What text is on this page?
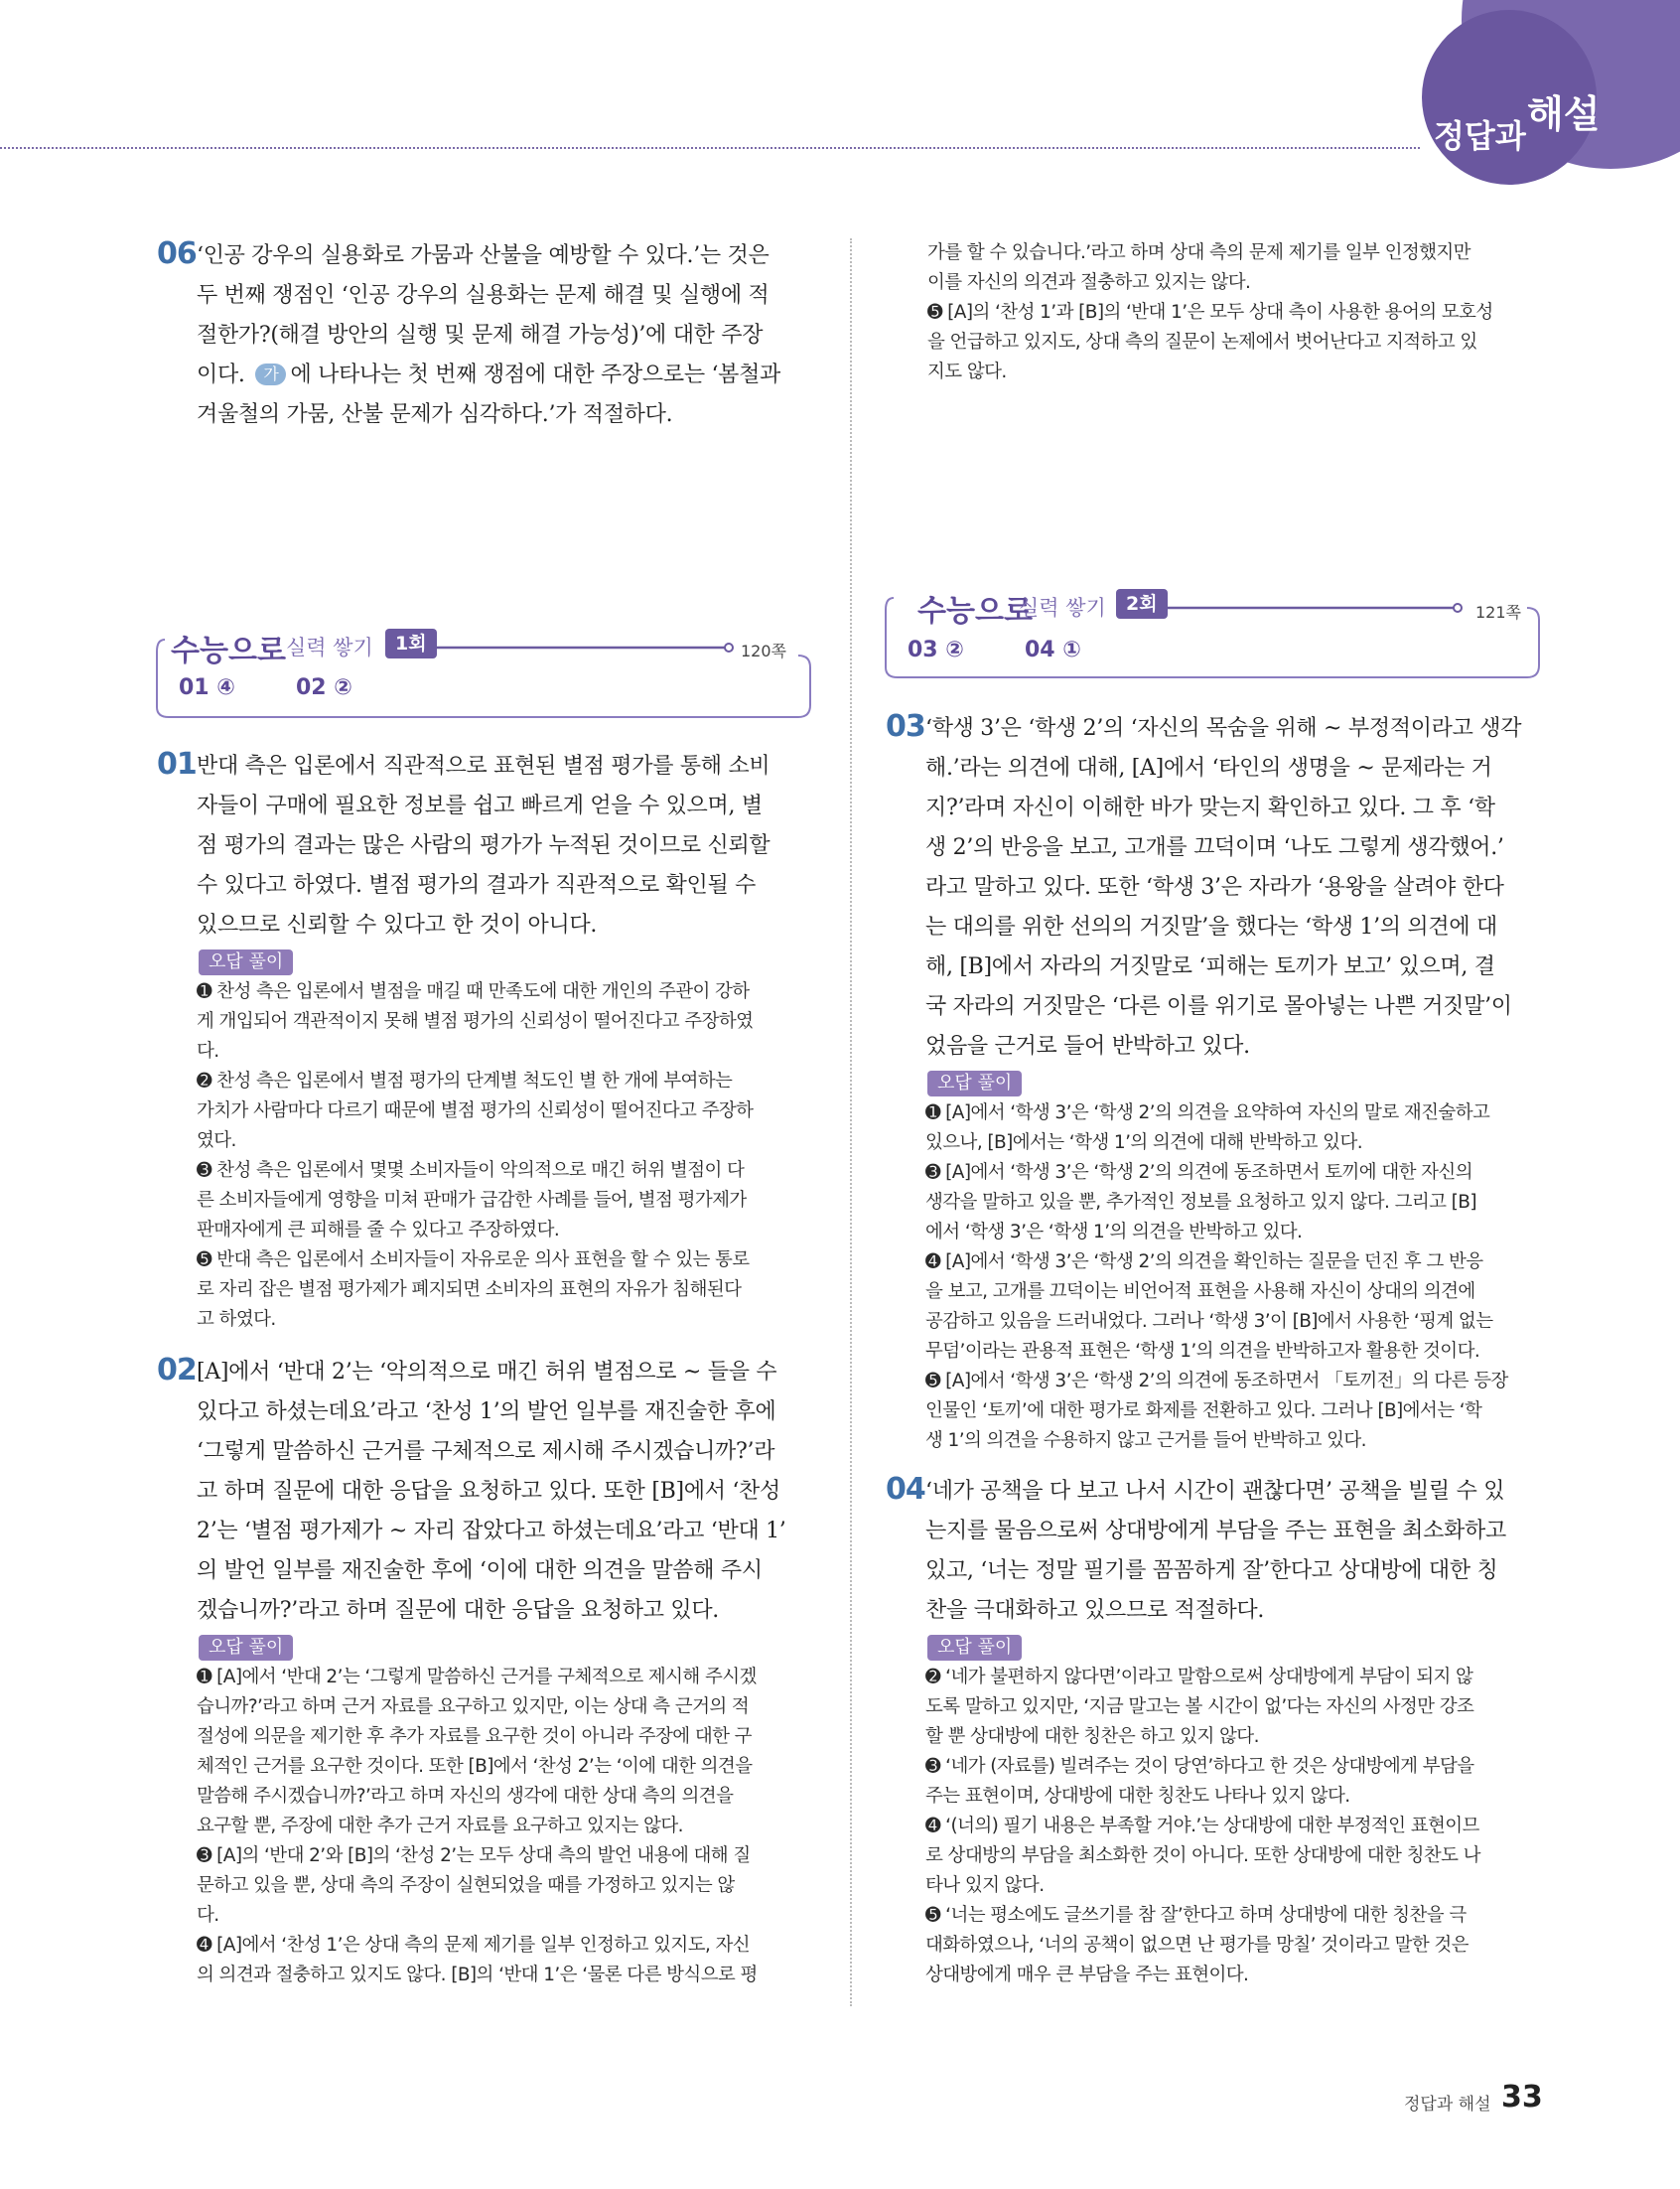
정답과 해설
06 ‘인공 강우의 실용화로 가뭄과 산불을 예방할 수 있다.’는 것은

두 번째 쟁점인 ‘인공 강우의 실용화는 문제 해결 및 실행에 적

절한가?(해결 방안의 실행 및 문제 해결 가능성)’에 대한 주장

이다. 가 에 나타나는 첫 번째 쟁점에 대한 주장으로는 ‘봄철과

겨울철의 가뭄, 산불 문제가 심각하다.’가 적절하다.

가를 할 수 있습니다.’라고 하며 상대 측의 문제 제기를 일부 인정했지만

이를 자신의 의견과 절충하고 있지는 않다.

➎ [A]의 ‘찬성 1’과 [B]의 ‘반대 1’은 모두 상대 측이 사용한 용어의 모호성

을 언급하고 있지도, 상대 측의 질문이 논제에서 벗어난다고 지적하고 있

지도 않다.

수능으로 실력 쌓기	1회	120쪽
01 ④	02 ②
01 반대 측은 입론에서 직관적으로 표현된 별점 평가를 통해 소비

자들이 구매에 필요한 정보를 쉽고 빠르게 얻을 수 있으며, 별

점 평가의 결과는 많은 사람의 평가가 누적된 것이므로 신뢰할

수 있다고 하였다. 별점 평가의 결과가 직관적으로 확인될 수

있으므로 신뢰할 수 있다고 한 것이 아니다.

오답 풀이

➊ 찬성 측은 입론에서 별점을 매길 때 만족도에 대한 개인의 주관이 강하

게 개입되어 객관적이지 못해 별점 평가의 신뢰성이 떨어진다고 주장하였

다.

➋ 찬성 측은 입론에서 별점 평가의 단계별 척도인 별 한 개에 부여하는

가치가 사람마다 다르기 때문에 별점 평가의 신뢰성이 떨어진다고 주장하

였다.

➌ 찬성 측은 입론에서 몇몇 소비자들이 악의적으로 매긴 허위 별점이 다

른 소비자들에게 영향을 미쳐 판매가 급감한 사례를 들어, 별점 평가제가

판매자에게 큰 피해를 줄 수 있다고 주장하였다.

➎ 반대 측은 입론에서 소비자들이 자유로운 의사 표현을 할 수 있는 통로

로 자리 잡은 별점 평가제가 폐지되면 소비자의 표현의 자유가 침해된다

고 하였다.

02 [A]에서 ‘반대 2’는 ‘악의적으로 매긴 허위 별점으로 ~ 들을 수

있다고 하셨는데요’라고 ‘찬성 1’의 발언 일부를 재진술한 후에

‘그렇게 말씀하신 근거를 구체적으로 제시해 주시겠습니까?’라

고 하며 질문에 대한 응답을 요청하고 있다. 또한 [B]에서 ‘찬성

2’는 ‘별점 평가제가 ~ 자리 잡았다고 하셨는데요’라고 ‘반대 1’

의 발언 일부를 재진술한 후에 ‘이에 대한 의견을 말씀해 주시

겠습니까?’라고 하며 질문에 대한 응답을 요청하고 있다.

오답 풀이

➊ [A]에서 ‘반대 2’는 ‘그렇게 말씀하신 근거를 구체적으로 제시해 주시겠

습니까?’라고 하며 근거 자료를 요구하고 있지만, 이는 상대 측 근거의 적

절성에 의문을 제기한 후 추가 자료를 요구한 것이 아니라 주장에 대한 구

체적인 근거를 요구한 것이다. 또한 [B]에서 ‘찬성 2’는 ‘이에 대한 의견을

말씀해 주시겠습니까?’라고 하며 자신의 생각에 대한 상대 측의 의견을

요구할 뿐, 주장에 대한 추가 근거 자료를 요구하고 있지는 않다.

➌ [A]의 ‘반대 2’와 [B]의 ‘찬성 2’는 모두 상대 측의 발언 내용에 대해 질

문하고 있을 뿐, 상대 측의 주장이 실현되었을 때를 가정하고 있지는 않

다.

➍ [A]에서 ‘찬성 1’은 상대 측의 문제 제기를 일부 인정하고 있지도, 자신

의 의견과 절충하고 있지도 않다. [B]의 ‘반대 1’은 ‘물론 다른 방식으로 평

수능으로
실력 쌓기	2회	121쪽
03 ②	04 ①
03 ‘학생 3’은 ‘학생 2’의 ‘자신의 목숨을 위해 ~ 부정적이라고 생각

해.’라는 의견에 대해, [A]에서 ‘타인의 생명을 ~ 문제라는 거

지?’라며 자신이 이해한 바가 맞는지 확인하고 있다. 그 후 ‘학

생 2’의 반응을 보고, 고개를 끄덕이며 ‘나도 그렇게 생각했어.’

라고 말하고 있다. 또한 ‘학생 3’은 자라가 ‘용왕을 살려야 한다

는 대의를 위한 선의의 거짓말’을 했다는 ‘학생 1’의 의견에 대

해, [B]에서 자라의 거짓말로 ‘피해는 토끼가 보고’ 있으며, 결

국 자라의 거짓말은 ‘다른 이를 위기로 몰아넣는 나쁜 거짓말’이

었음을 근거로 들어 반박하고 있다.

오답 풀이

➊ [A]에서 ‘학생 3’은 ‘학생 2’의 의견을 요약하여 자신의 말로 재진술하고

있으나, [B]에서는 ‘학생 1’의 의견에 대해 반박하고 있다.

➌ [A]에서 ‘학생 3’은 ‘학생 2’의 의견에 동조하면서 토끼에 대한 자신의

생각을 말하고 있을 뿐, 추가적인 정보를 요청하고 있지 않다. 그리고 [B]

에서 ‘학생 3’은 ‘학생 1’의 의견을 반박하고 있다.

➍ [A]에서 ‘학생 3’은 ‘학생 2’의 의견을 확인하는 질문을 던진 후 그 반응

을 보고, 고개를 끄덕이는 비언어적 표현을 사용해 자신이 상대의 의견에

공감하고 있음을 드러내었다. 그러나 ‘학생 3’이 [B]에서 사용한 ‘핑계 없는

무덤’이라는 관용적 표현은 ‘학생 1’의 의견을 반박하고자 활용한 것이다.

➎ [A]에서 ‘학생 3’은 ‘학생 2’의 의견에 동조하면서 「토끼전」의 다른 등장

인물인 ‘토끼’에 대한 평가로 화제를 전환하고 있다. 그러나 [B]에서는 ‘학

생 1’의 의견을 수용하지 않고 근거를 들어 반박하고 있다.

04 ‘네가 공책을 다 보고 나서 시간이 괜찮다면’ 공책을 빌릴 수 있

는지를 물음으로써 상대방에게 부담을 주는 표현을 최소화하고

있고, ‘너는 정말 필기를 꼼꼼하게 잘’한다고 상대방에 대한 칭

찬을 극대화하고 있으므로 적절하다.

오답 풀이

➋ ‘네가 불편하지 않다면’이라고 말함으로써 상대방에게 부담이 되지 않

도록 말하고 있지만, ‘지금 말고는 볼 시간이 없’다는 자신의 사정만 강조

할 뿐 상대방에 대한 칭찬은 하고 있지 않다.

➌ ‘네가 (자료를) 빌려주는 것이 당연’하다고 한 것은 상대방에게 부담을

주는 표현이며, 상대방에 대한 칭찬도 나타나 있지 않다.

➍ ‘(너의) 필기 내용은 부족할 거야.’는 상대방에 대한 부정적인 표현이므

로 상대방의 부담을 최소화한 것이 아니다. 또한 상대방에 대한 칭찬도 나

타나 있지 않다.

➎ ‘너는 평소에도 글쓰기를 참 잘’한다고 하며 상대방에 대한 칭찬을 극

대화하였으나, ‘너의 공책이 없으면 난 평가를 망칠’ 것이라고 말한 것은

상대방에게 매우 큰 부담을 주는 표현이다.

정답과 해설 33
